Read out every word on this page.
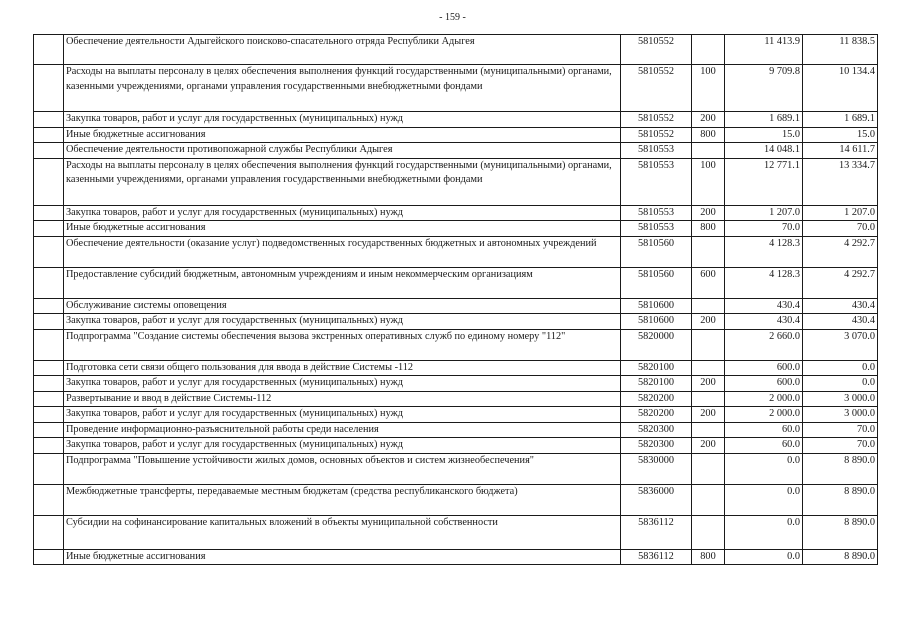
- 159 -
	Обеспечение деятельности Адыгейского поисково-спасательного отряда Республики Адыгея	5810552		11 413.9	11 838.5
	Расходы на выплаты персоналу в целях обеспечения выполнения функций государственными (муниципальными) органами, казенными учреждениями, органами управления государственными внебюджетными фондами	5810552	100	9 709.8	10 134.4
	Закупка товаров, работ и услуг для государственных (муниципальных) нужд	5810552	200	1 689.1	1 689.1
	Иные бюджетные ассигнования	5810552	800	15.0	15.0
	Обеспечение деятельности противопожарной службы Республики Адыгея	5810553		14 048.1	14 611.7
	Расходы на выплаты персоналу в целях обеспечения выполнения функций государственными (муниципальными) органами, казенными учреждениями, органами управления государственными внебюджетными фондами	5810553	100	12 771.1	13 334.7
	Закупка товаров, работ и услуг для государственных (муниципальных) нужд	5810553	200	1 207.0	1 207.0
	Иные бюджетные ассигнования	5810553	800	70.0	70.0
	Обеспечение деятельности (оказание услуг) подведомственных государственных бюджетных и автономных учреждений	5810560		4 128.3	4 292.7
	Предоставление субсидий бюджетным, автономным учреждениям и иным некоммерческим организациям	5810560	600	4 128.3	4 292.7
	Обслуживание системы оповещения	5810600		430.4	430.4
	Закупка товаров, работ и услуг для государственных (муниципальных) нужд	5810600	200	430.4	430.4
	Подпрограмма "Создание системы обеспечения вызова экстренных оперативных служб по единому номеру "112"	5820000		2 660.0	3 070.0
	Подготовка сети связи общего пользования для ввода в действие Системы -112	5820100		600.0	0.0
	Закупка товаров, работ и услуг для государственных (муниципальных) нужд	5820100	200	600.0	0.0
	Развертывание и ввод в действие Системы-112	5820200		2 000.0	3 000.0
	Закупка товаров, работ и услуг для государственных (муниципальных) нужд	5820200	200	2 000.0	3 000.0
	Проведение информационно-разъяснительной работы среди населения	5820300		60.0	70.0
	Закупка товаров, работ и услуг для государственных (муниципальных) нужд	5820300	200	60.0	70.0
	Подпрограмма "Повышение устойчивости жилых домов, основных объектов и систем жизнеобеспечения"	5830000		0.0	8 890.0
	Межбюджетные трансферты, передаваемые местным бюджетам (средства республиканского бюджета)	5836000		0.0	8 890.0
	Субсидии на софинансирование капитальных вложений в объекты муниципальной собственности	5836112		0.0	8 890.0
	Иные бюджетные ассигнования	5836112	800	0.0	8 890.0
